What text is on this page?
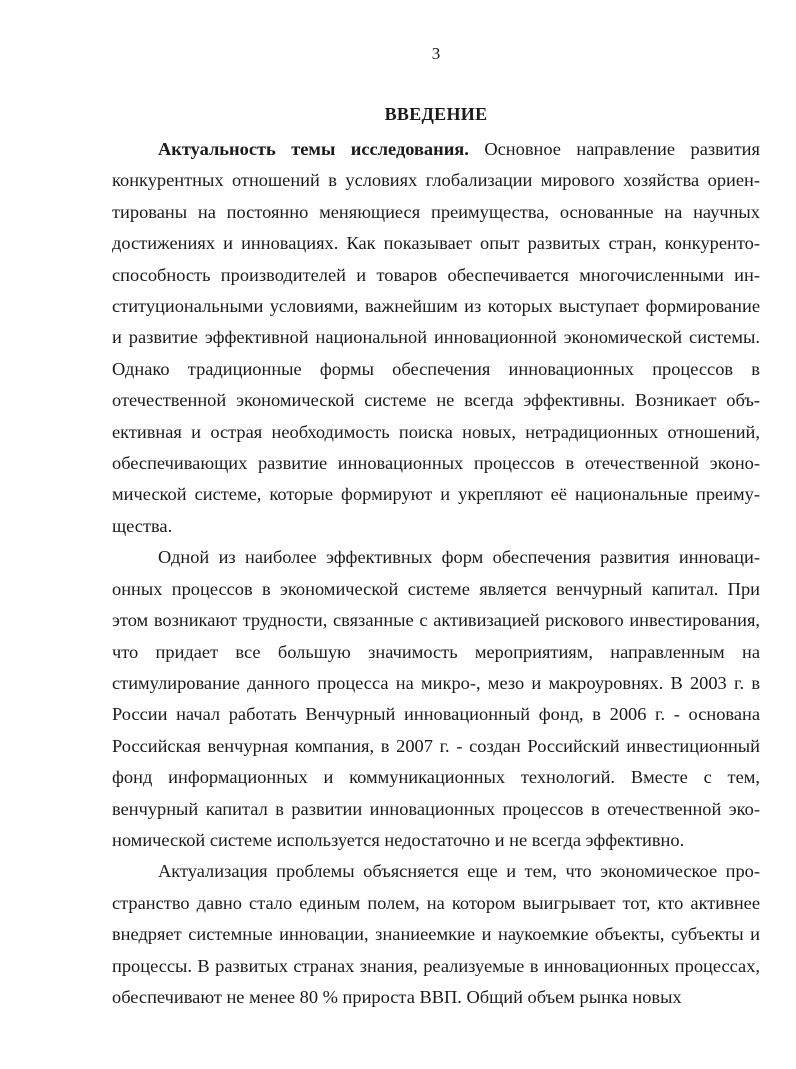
3
ВВЕДЕНИЕ

Актуальность темы исследования. Основное направление развития конкурентных отношений в условиях глобализации мирового хозяйства ориентированы на постоянно меняющиеся преимущества, основанные на научных достижениях и инновациях. Как показывает опыт развитых стран, конкурентоспособность производителей и товаров обеспечивается многочисленными институциональными условиями, важнейшим из которых выступает формирование и развитие эффективной национальной инновационной экономической системы. Однако традиционные формы обеспечения инновационных процессов в отечественной экономической системе не всегда эффективны. Возникает объективная и острая необходимость поиска новых, нетрадиционных отношений, обеспечивающих развитие инновационных процессов в отечественной экономической системе, которые формируют и укрепляют её национальные преимущества.

Одной из наиболее эффективных форм обеспечения развития инновационных процессов в экономической системе является венчурный капитал. При этом возникают трудности, связанные с активизацией рискового инвестирования, что придает все большую значимость мероприятиям, направленным на стимулирование данного процесса на микро-, мезо и макроуровнях. В 2003 г. в России начал работать Венчурный инновационный фонд, в 2006 г. - основана Российская венчурная компания, в 2007 г. - создан Российский инвестиционный фонд информационных и коммуникационных технологий. Вместе с тем, венчурный капитал в развитии инновационных процессов в отечественной экономической системе используется недостаточно и не всегда эффективно.

Актуализация проблемы объясняется еще и тем, что экономическое пространство давно стало единым полем, на котором выигрывает тот, кто активнее внедряет системные инновации, знаниеемкие и наукоемкие объекты, субъекты и процессы. В развитых странах знания, реализуемые в инновационных процессах, обеспечивают не менее 80 % прироста ВВП. Общий объем рынка новых
